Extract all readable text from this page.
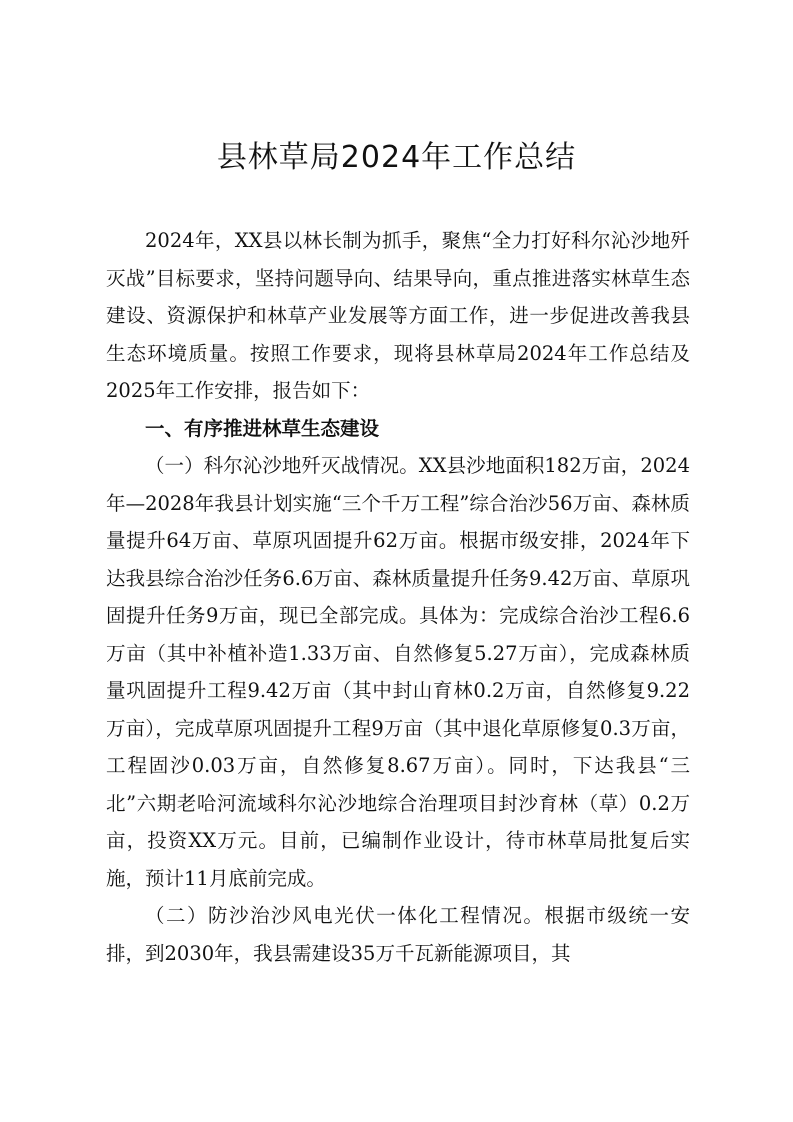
县林草局2024年工作总结

2024年，XX县以林长制为抓手，聚焦“全力打好科尔沁沙地歼灭战”目标要求，坚持问题导向、结果导向，重点推进落实林草生态建设、资源保护和林草产业发展等方面工作，进一步促进改善我县生态环境质量。按照工作要求，现将县林草局2024年工作总结及2025年工作安排，报告如下：

一、有序推进林草生态建设

（一）科尔沁沙地歼灭战情况。XX县沙地面积182万亩，2024年—2028年我县计划实施“三个千万工程”综合治沙56万亩、森林质量提升64万亩、草原巩固提升62万亩。根据市级安排，2024年下达我县综合治沙任务6.6万亩、森林质量提升任务9.42万亩、草原巩固提升任务9万亩，现已全部完成。具体为：完成综合治沙工程6.6万亩（其中补植补造1.33万亩、自然修复5.27万亩），完成森林质量巩固提升工程9.42万亩（其中封山育林0.2万亩，自然修复9.22万亩），完成草原巩固提升工程9万亩（其中退化草原修复0.3万亩，工程固沙0.03万亩，自然修复8.67万亩）。同时，下达我县“三北”六期老哈河流域科尔沁沙地综合治理项目封沙育林（草）0.2万亩，投资XX万元。目前，已编制作业设计，待市林草局批复后实施，预计11月底前完成。

（二）防沙治沙风电光伏一体化工程情况。根据市级统一安排，到2030年，我县需建设35万千瓦新能源项目，其
